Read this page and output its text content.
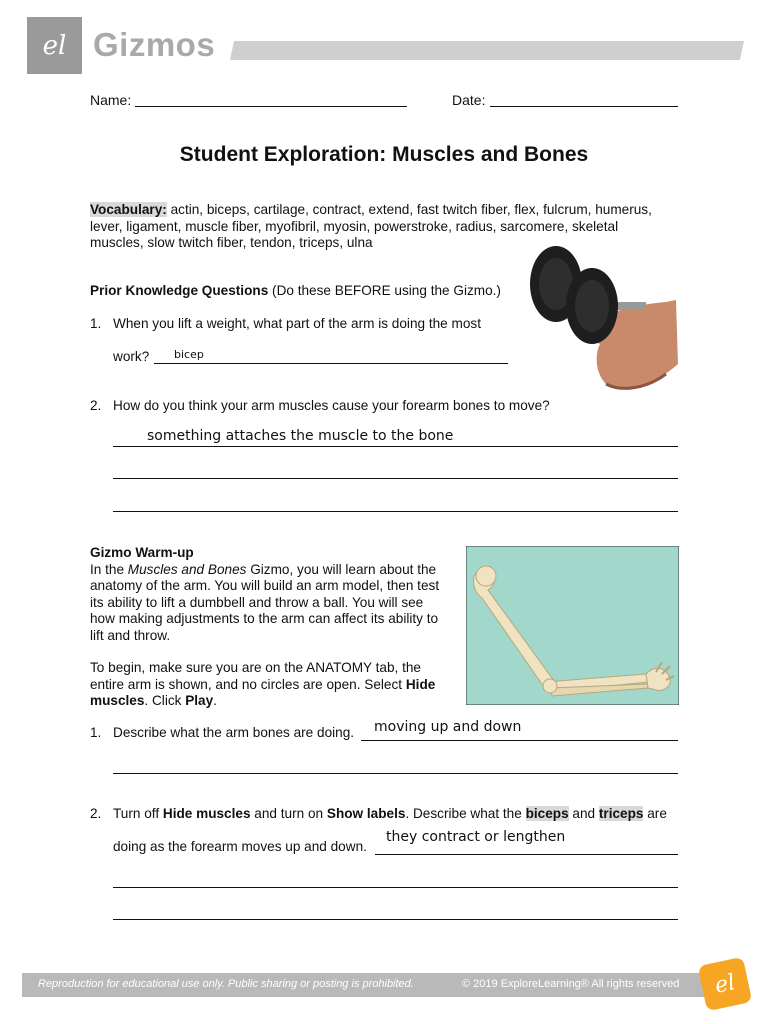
el Gizmos
Name:	Date:
Student Exploration: Muscles and Bones
Vocabulary: actin, biceps, cartilage, contract, extend, fast twitch fiber, flex, fulcrum, humerus,
lever, ligament, muscle fiber, myofibril, myosin, powerstroke, radius, sarcomere, skeletal
muscles, slow twitch fiber, tendon, triceps, ulna
Prior Knowledge Questions (Do these BEFORE using the Gizmo.)
1. When you lift a weight, what part of the arm is doing the most
work? bicep
2. How do you think your arm muscles cause your forearm bones to move?
something attaches the muscle to the bone
Gizmo Warm-up
In the Muscles and Bones Gizmo, you will learn about the
anatomy of the arm. You will build an arm model, then test
its ability to lift a dumbbell and throw a ball. You will see
how making adjustments to the arm can affect its ability to
lift and throw.
To begin, make sure you are on the ANATOMY tab, the
entire arm is shown, and no circles are open. Select Hide
muscles. Click Play.
1. Describe what the arm bones are doing. moving up and down
2. Turn off Hide muscles and turn on Show labels. Describe what the biceps and triceps are
doing as the forearm moves up and down.
they contract or lengthen
Reproduction for educational use only. Public sharing or posting is prohibited.	© 2019 ExploreLearning® All rights reserved el
